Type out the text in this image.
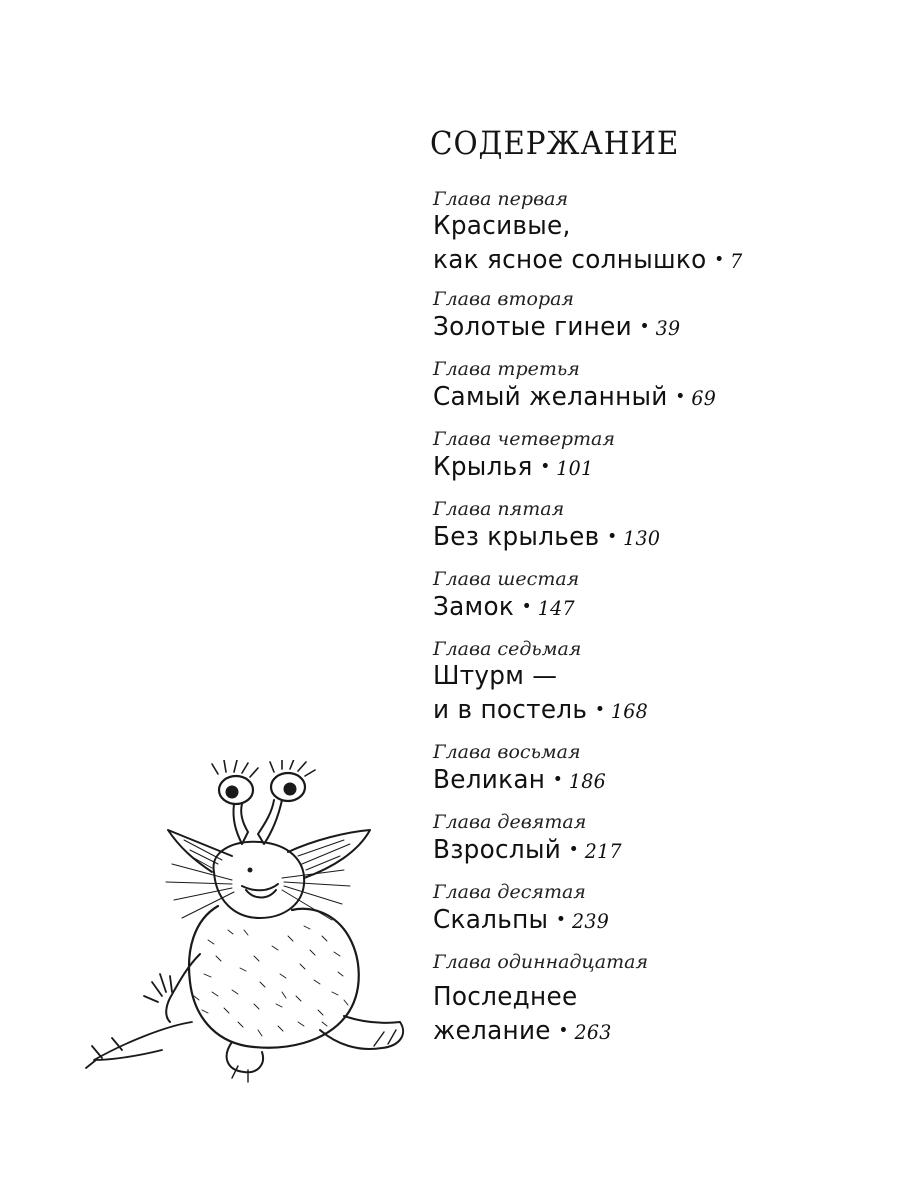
СОДЕРЖАНИЕ
Глава первая
Красивые,
как ясное солнышко • 7
Глава вторая
Золотые гинеи • 39
Глава третья
Самый желанный • 69
Глава четвертая
Крылья • 101
Глава пятая
Без крыльев • 130
Глава шестая
Замок • 147
Глава седьмая
Штурм —
и в постель • 168
Глава восьмая
Великан • 186
Глава девятая
Взрослый • 217
Глава десятая
Скальпы • 239
Глава одиннадцатая
Последнее
желание • 263
